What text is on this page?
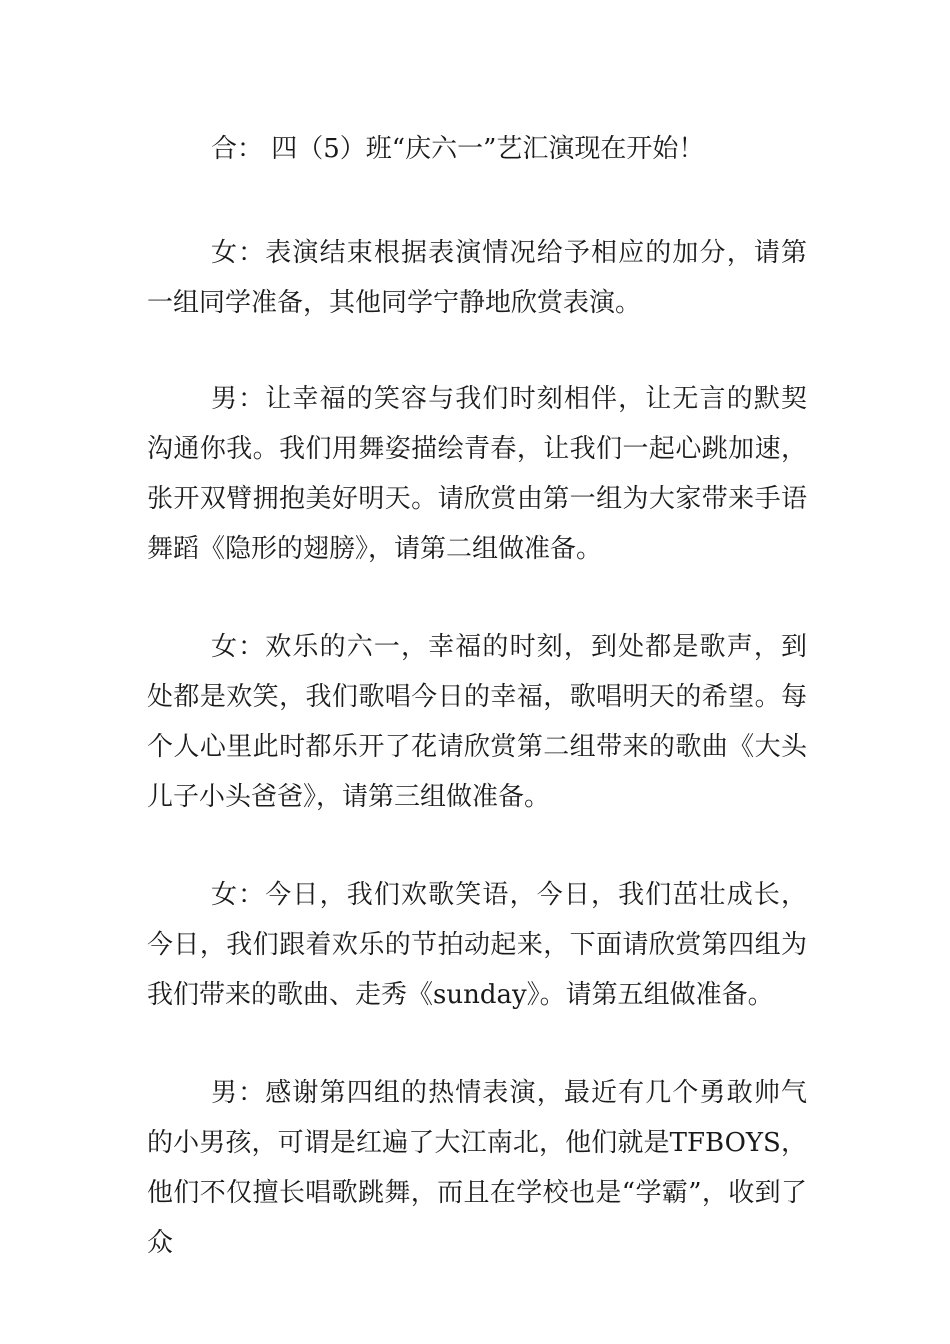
合： 四（5）班“庆六一”艺汇演现在开始！

女：表演结束根据表演情况给予相应的加分，请第一组同学准备，其他同学宁静地欣赏表演。

男：让幸福的笑容与我们时刻相伴，让无言的默契沟通你我。我们用舞姿描绘青春，让我们一起心跳加速，张开双臂拥抱美好明天。请欣赏由第一组为大家带来手语舞蹈《隐形的翅膀》，请第二组做准备。

女：欢乐的六一，幸福的时刻，到处都是歌声，到处都是欢笑，我们歌唱今日的幸福，歌唱明天的希望。每个人心里此时都乐开了花请欣赏第二组带来的歌曲《大头儿子小头爸爸》，请第三组做准备。

女：今日，我们欢歌笑语，今日，我们茁壮成长，今日，我们跟着欢乐的节拍动起来，下面请欣赏第四组为我们带来的歌曲、走秀《sunday》。请第五组做准备。

男：感谢第四组的热情表演，最近有几个勇敢帅气的小男孩，可谓是红遍了大江南北，他们就是TFBOYS，他们不仅擅长唱歌跳舞，而且在学校也是“学霸”，收到了众
